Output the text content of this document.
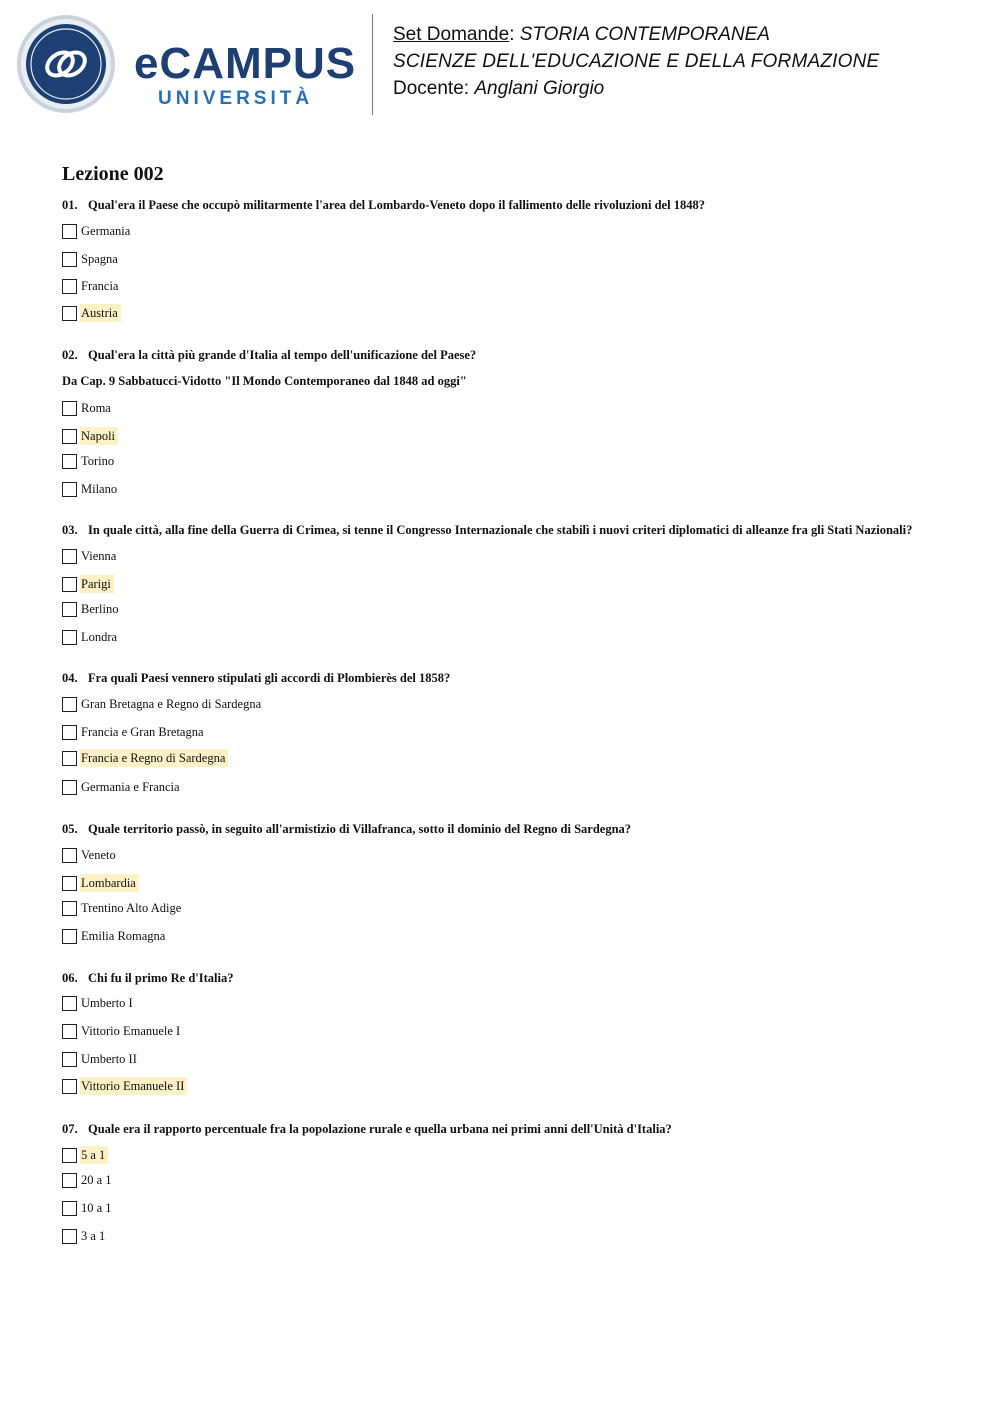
eCAMPUS
UNIVERSITÀ
Set Domande: STORIA CONTEMPORANEA
SCIENZE DELL'EDUCAZIONE E DELLA FORMAZIONE
Docente: Anglani Giorgio
Lezione 002
01. Qual'era il Paese che occupò militarmente l'area del Lombardo-Veneto dopo il fallimento delle rivoluzioni del 1848?
Germania
Spagna
Francia
Austria
02. Qual'era la città più grande d'Italia al tempo dell'unificazione del Paese?
Da Cap. 9 Sabbatucci-Vidotto "Il Mondo Contemporaneo dal 1848 ad oggi"
Roma
Napoli
Torino
Milano
03. In quale città, alla fine della Guerra di Crimea, si tenne il Congresso Internazionale che stabilì i nuovi criteri diplomatici di alleanze fra gli Stati Nazionali?
Vienna
Parigi
Berlino
Londra
04. Fra quali Paesi vennero stipulati gli accordi di Plombierès del 1858?
Gran Bretagna e Regno di Sardegna
Francia e Gran Bretagna
Francia e Regno di Sardegna
Germania e Francia
05. Quale territorio passò, in seguito all'armistizio di Villafranca, sotto il dominio del Regno di Sardegna?
Veneto
Lombardia
Trentino Alto Adige
Emilia Romagna
06. Chi fu il primo Re d'Italia?
Umberto I
Vittorio Emanuele I
Umberto II
Vittorio Emanuele II
07. Quale era il rapporto percentuale fra la popolazione rurale e quella urbana nei primi anni dell'Unità d'Italia?
5 a 1
20 a 1
10 a 1
3 a 1
